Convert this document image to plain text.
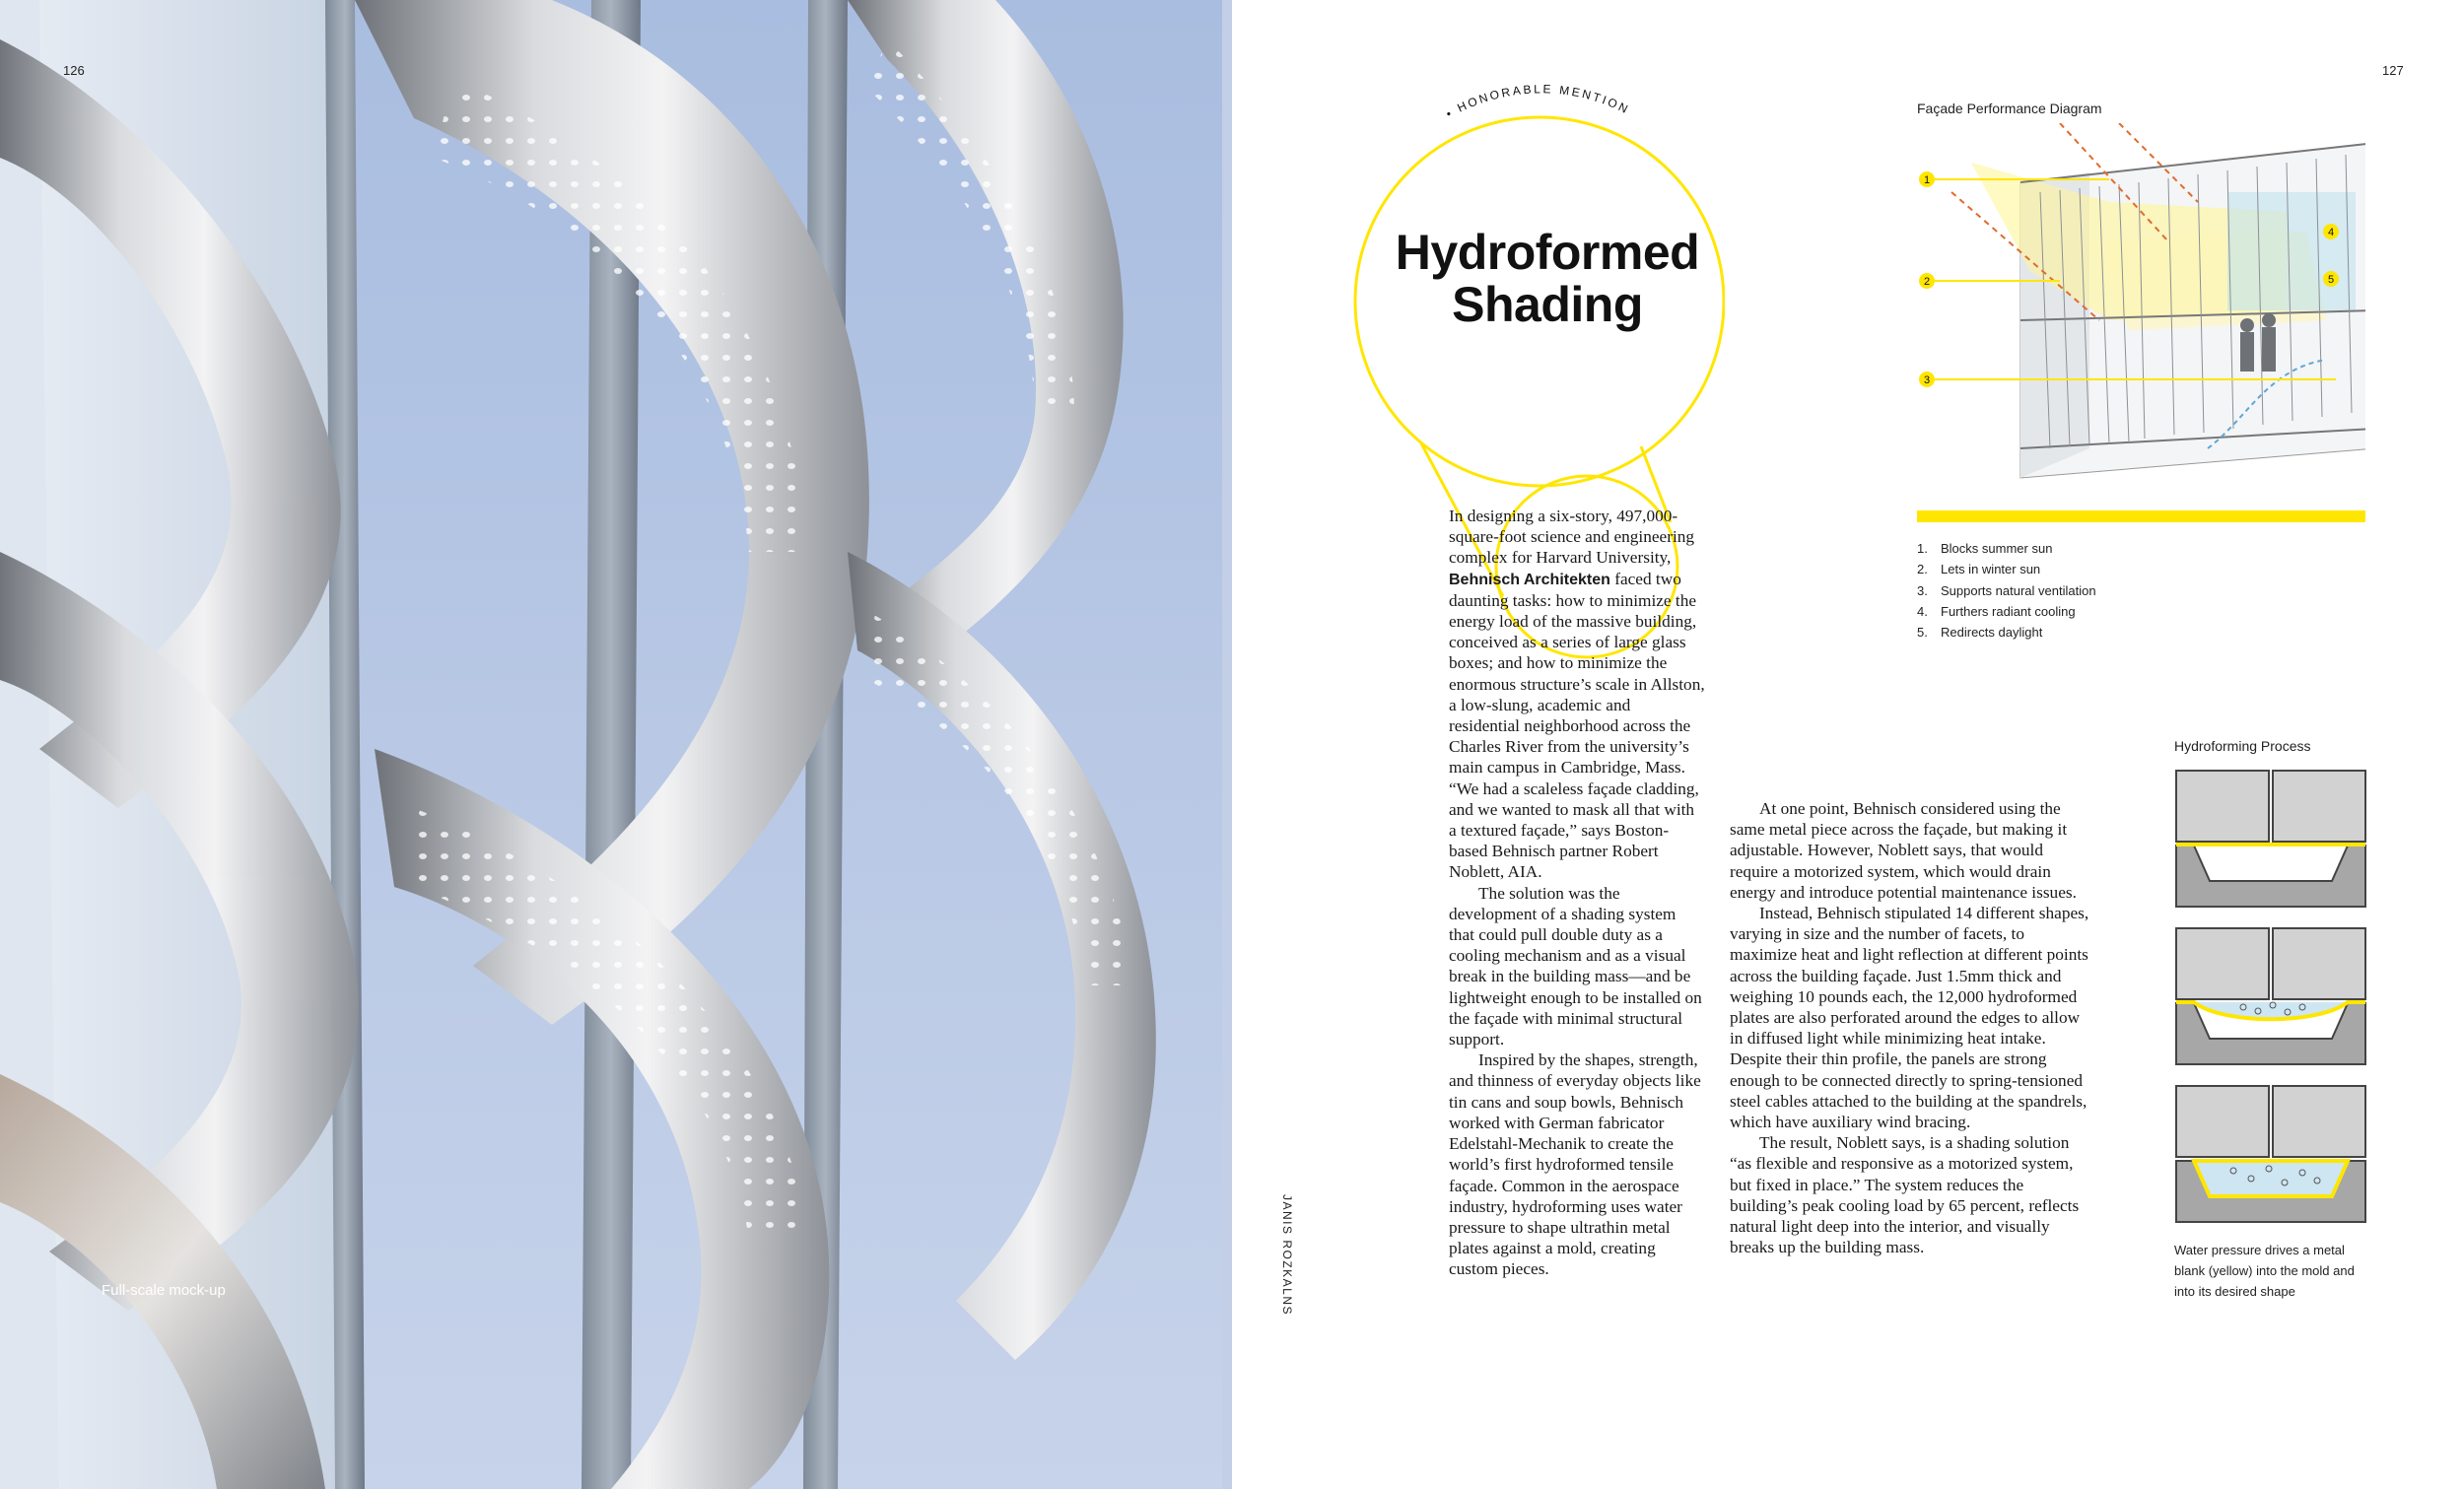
126
Full-scale mock-up
127
JANIS ROZKALNS
• HONORABLE MENTION
Hydroformed
Shading

In designing a six-story, 497,000-square-foot science and engineering complex for Harvard University, Behnisch Architekten faced two daunting tasks: how to minimize the energy load of the massive building, conceived as a series of large glass boxes; and how to minimize the enormous structure’s scale in Allston, a low-slung, academic and residential neighborhood across the Charles River from the university’s main campus in Cambridge, Mass.

“We had a scaleless façade cladding, and we wanted to mask all that with a textured façade,” says Boston-based Behnisch partner Robert Noblett, AIA.

The solution was the development of a shading system that could pull double duty as a cooling mechanism and as a visual break in the building mass—and be lightweight enough to be installed on the façade with minimal structural support.

Inspired by the shapes, strength, and thinness of everyday objects like tin cans and soup bowls, Behnisch worked with German fabricator Edelstahl-Mechanik to create the world’s first hydroformed tensile façade. Common in the aerospace industry, hydroforming uses water pressure to shape ultrathin metal plates against a mold, creating custom pieces.

At one point, Behnisch considered using the same metal piece across the façade, but making it adjustable. However, Noblett says, that would require a motorized system, which would drain energy and introduce potential maintenance issues.

Instead, Behnisch stipulated 14 different shapes, varying in size and the number of facets, to maximize heat and light reflection at different points across the building façade. Just 1.5mm thick and weighing 10 pounds each, the 12,000 hydroformed plates are also perforated around the edges to allow in diffused light while minimizing heat intake. Despite their thin profile, the panels are strong enough to be connected directly to spring-tensioned steel cables attached to the building at the spandrels, which have auxiliary wind bracing.

The result, Noblett says, is a shading solution “as flexible and responsive as a motorized system, but fixed in place.” The system reduces the building’s peak cooling load by 65 percent, reflects natural light deep into the interior, and visually breaks up the building mass.

Façade Performance Diagram
1
2
3
4
5
1. Blocks summer sun
2. Lets in winter sun
3. Supports natural ventilation
4. Furthers radiant cooling
5. Redirects daylight
Hydroforming Process
Water pressure drives a metal blank (yellow) into the mold and into its desired shape
